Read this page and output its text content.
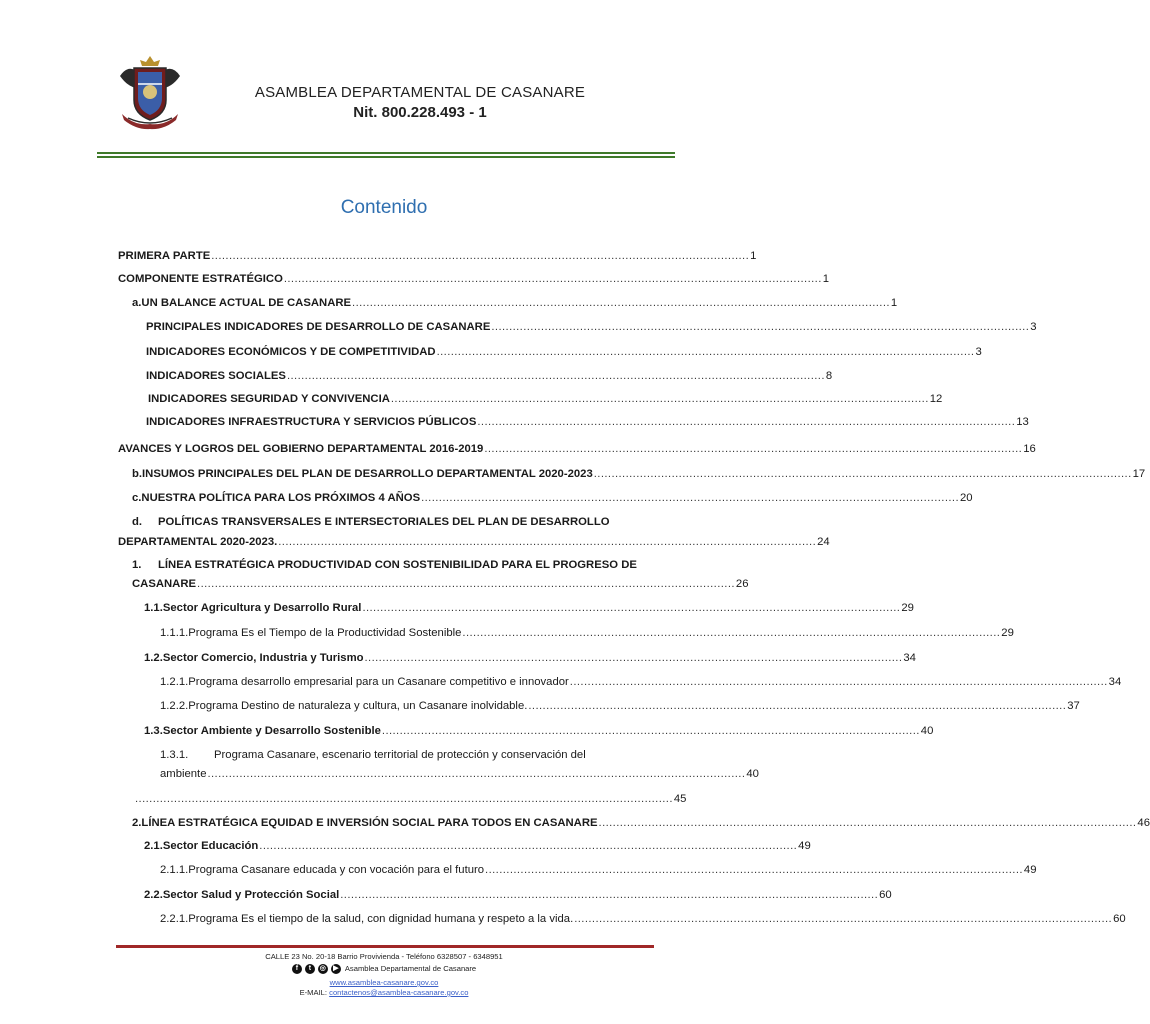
ASAMBLEA DEPARTAMENTAL DE CASANARE
Nit. 800.228.493 - 1
Contenido
PRIMERA PARTE ........................................................................................................................................................ 1
COMPONENTE ESTRATÉGICO ........................................................................................................................................................ 1
a. UN BALANCE ACTUAL DE CASANARE ........................................................................................................................................................ 1
PRINCIPALES INDICADORES DE DESARROLLO DE CASANARE ........................................................................................................................................................ 3
INDICADORES ECONÓMICOS Y DE COMPETITIVIDAD ........................................................................................................................................................ 3
INDICADORES SOCIALES ........................................................................................................................................................ 8
INDICADORES SEGURIDAD Y CONVIVENCIA ........................................................................................................................................................ 12
INDICADORES INFRAESTRUCTURA Y SERVICIOS PÚBLICOS ........................................................................................................................................................ 13
AVANCES Y LOGROS DEL GOBIERNO DEPARTAMENTAL 2016-2019 ........................................................................................................................................................ 16
b. INSUMOS PRINCIPALES DEL PLAN DE DESARROLLO DEPARTAMENTAL 2020-2023 ........................................................................................................................................................ 17
c. NUESTRA POLÍTICA PARA LOS PRÓXIMOS 4 AÑOS ........................................................................................................................................................ 20
d. POLÍTICAS TRANSVERSALES E INTERSECTORIALES DEL PLAN DE DESARROLLO
DEPARTAMENTAL 2020-2023. ........................................................................................................................................................ 24
1. LÍNEA ESTRATÉGICA PRODUCTIVIDAD CON SOSTENIBILIDAD PARA EL PROGRESO DE
CASANARE ........................................................................................................................................................ 26
1.1. Sector Agricultura y Desarrollo Rural ........................................................................................................................................................ 29
1.1.1. Programa Es el Tiempo de la Productividad Sostenible ........................................................................................................................................................ 29
1.2. Sector Comercio, Industria y Turismo ........................................................................................................................................................ 34
1.2.1. Programa desarrollo empresarial para un Casanare competitivo e innovador ........................................................................................................................................................ 34
1.2.2. Programa Destino de naturaleza y cultura, un Casanare inolvidable. ........................................................................................................................................................ 37
1.3. Sector Ambiente y Desarrollo Sostenible ........................................................................................................................................................ 40
1.3.1. Programa Casanare, escenario territorial de protección y conservación del
ambiente ........................................................................................................................................................ 40
........................................................................................................................................................ 45
2. LÍNEA ESTRATÉGICA EQUIDAD E INVERSIÓN SOCIAL PARA TODOS EN CASANARE ........................................................................................................................................................ 46
2.1. Sector Educación ........................................................................................................................................................ 49
2.1.1. Programa Casanare educada y con vocación para el futuro ........................................................................................................................................................ 49
2.2. Sector Salud y Protección Social ........................................................................................................................................................ 60
2.2.1. Programa Es el tiempo de la salud, con dignidad humana y respeto a la vida. ........................................................................................................................................................ 60
CALLE 23 No. 20-18 Barrio Provivienda - Teléfono 6328507 - 6348951
f	t	◎	▶ Asamblea Departamental de Casanare
www.asamblea-casanare.gov.co
E-MAIL: contactenos@asamblea-casanare.gov.co
